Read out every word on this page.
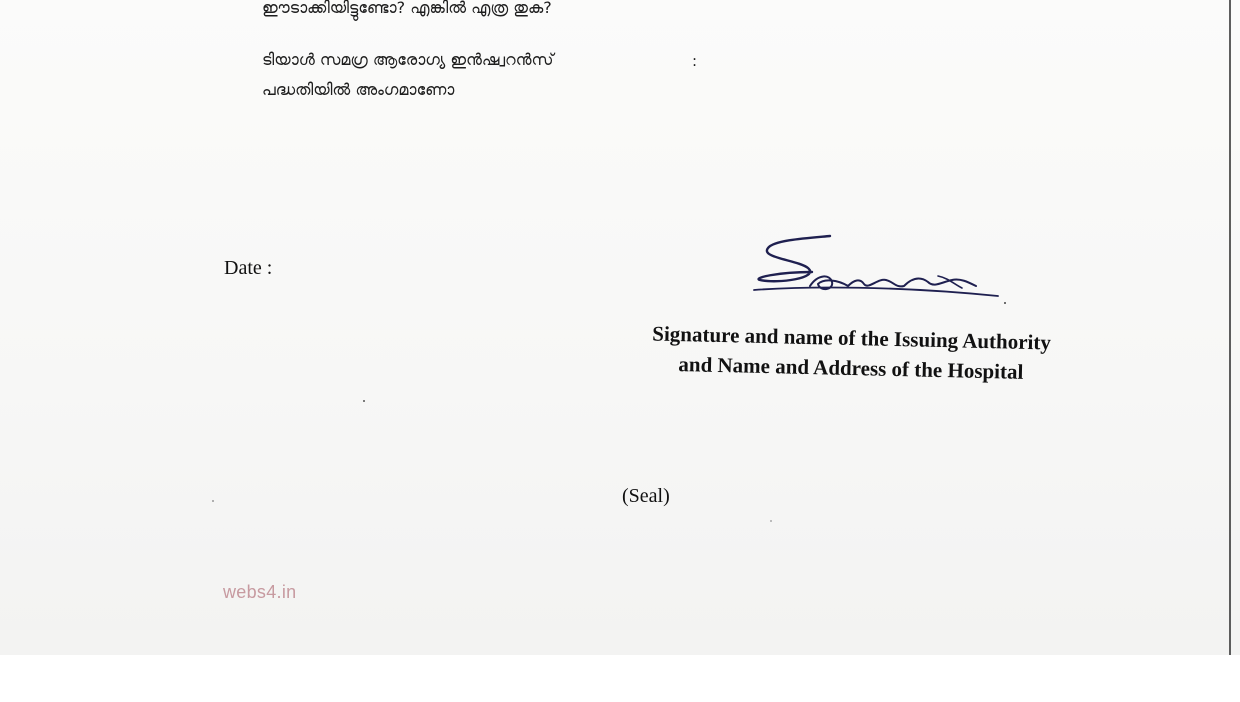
ഈടാക്കിയിട്ടുണ്ടോ? എങ്കിൽ എത്ര തുക?
ടിയാൾ സമഗ്ര ആരോഗ്യ ഇൻഷ്വറൻസ്
പദ്ധതിയിൽ അംഗമാണോ
:
Date :
Signature and name of the Issuing Authority
and Name and Address of the Hospital
(Seal)
webs4.in
